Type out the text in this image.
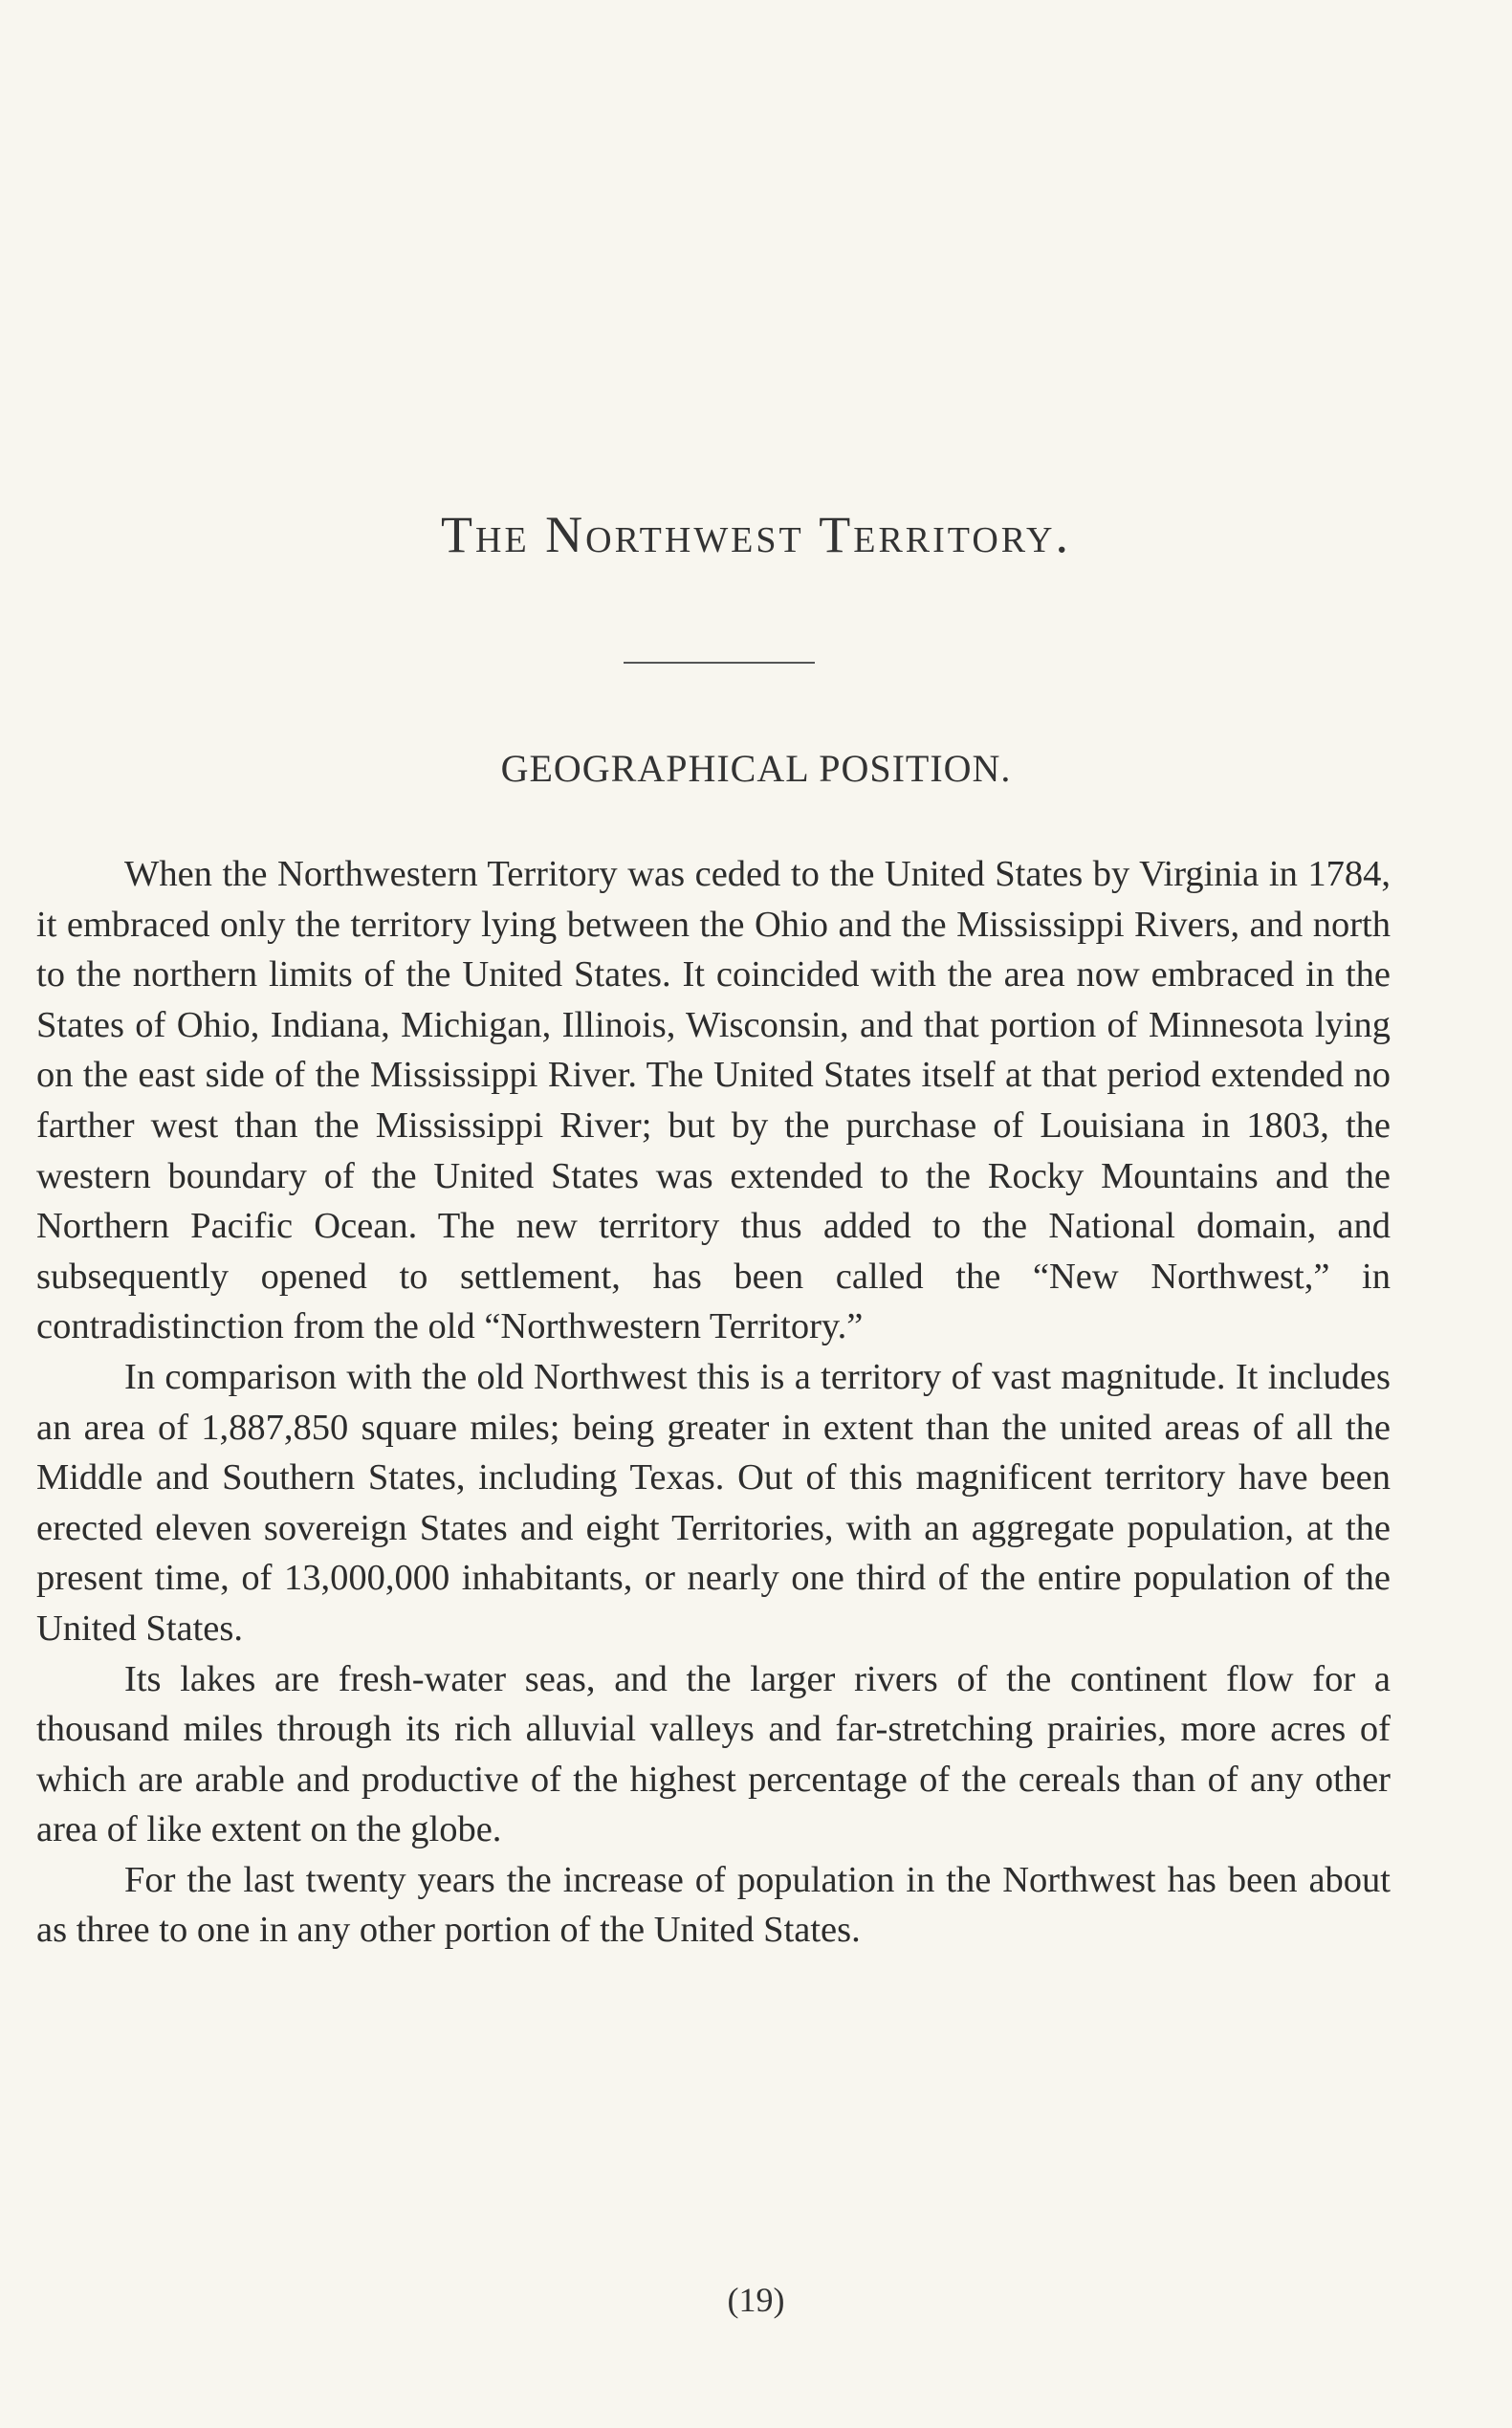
The Northwest Territory.
GEOGRAPHICAL POSITION.

When the Northwestern Territory was ceded to the United States by Virginia in 1784, it embraced only the territory lying between the Ohio and the Mississippi Rivers, and north to the northern limits of the United States. It coincided with the area now embraced in the States of Ohio, Indiana, Michigan, Illinois, Wisconsin, and that portion of Minnesota lying on the east side of the Mississippi River. The United States itself at that period extended no farther west than the Mississippi River; but by the purchase of Louisiana in 1803, the western boundary of the United States was extended to the Rocky Mountains and the Northern Pacific Ocean. The new territory thus added to the National domain, and subsequently opened to settlement, has been called the “New Northwest,” in contradistinction from the old “Northwestern Territory.”

In comparison with the old Northwest this is a territory of vast magnitude. It includes an area of 1,887,850 square miles; being greater in extent than the united areas of all the Middle and Southern States, including Texas. Out of this magnificent territory have been erected eleven sovereign States and eight Territories, with an aggregate population, at the present time, of 13,000,000 inhabitants, or nearly one third of the entire population of the United States.

Its lakes are fresh-water seas, and the larger rivers of the continent flow for a thousand miles through its rich alluvial valleys and far-stretching prairies, more acres of which are arable and productive of the highest percentage of the cereals than of any other area of like extent on the globe.

For the last twenty years the increase of population in the Northwest has been about as three to one in any other portion of the United States.

(19)
